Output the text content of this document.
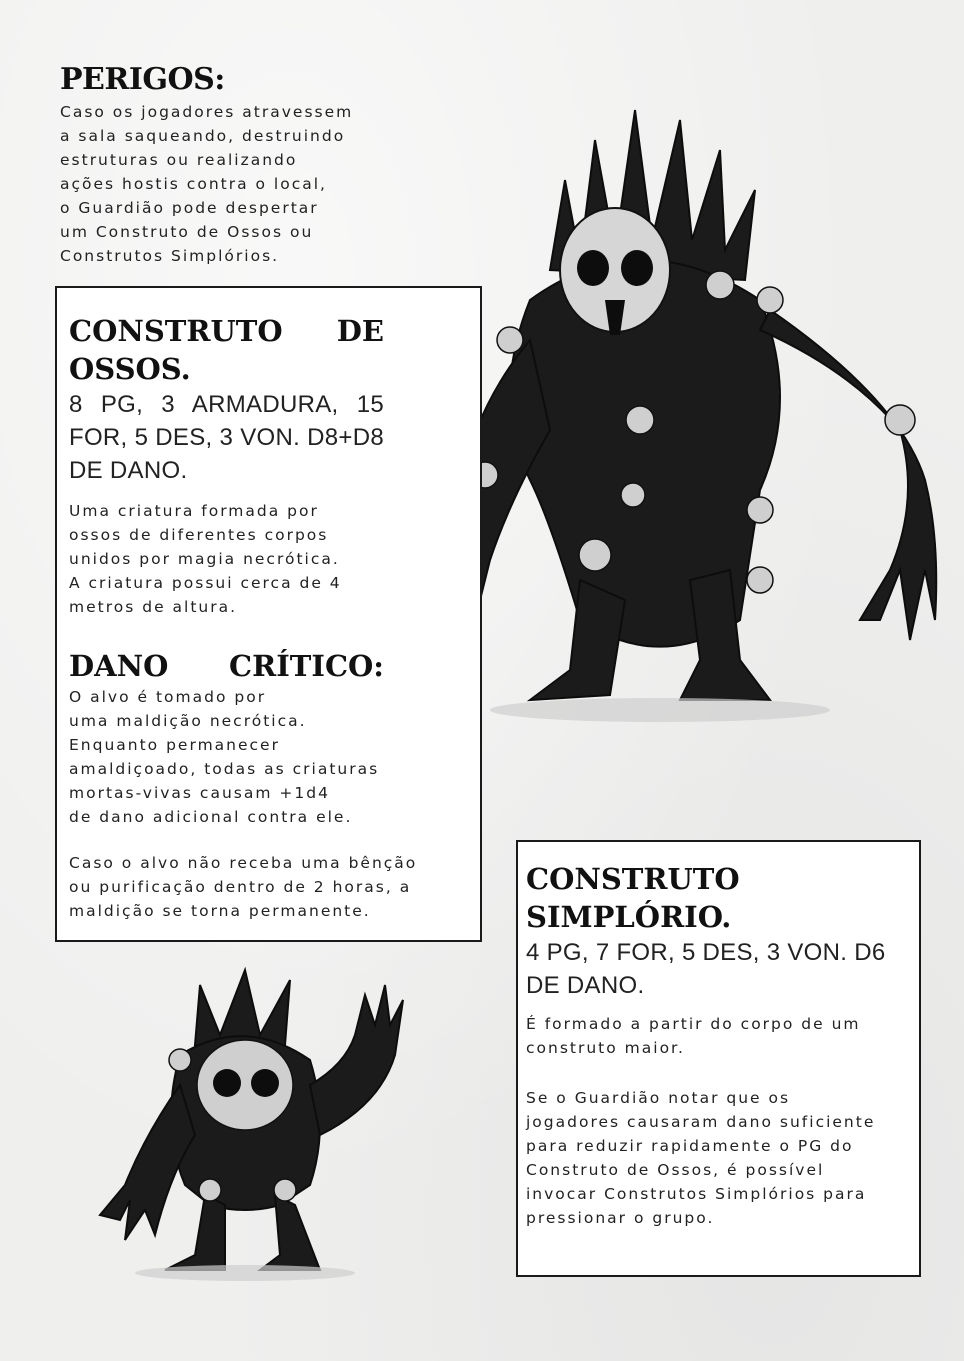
PERIGOS:

Caso os jogadores atravessem
a sala saqueando, destruindo
estruturas ou realizando
ações hostis contra o local,
o Guardião pode despertar
um Construto de Ossos ou
Construtos Simplórios.

CONSTRUTO DE
OSSOS.

8 PG, 3 ARMADURA, 15 FOR, 5 DES, 3 VON. D8+D8 DE DANO.

Uma criatura formada por
ossos de diferentes corpos
unidos por magia necrótica.
A criatura possui cerca de 4
metros de altura.

DANO CRÍTICO:

O alvo é tomado por
uma maldição necrótica.
Enquanto permanecer
amaldiçoado, todas as criaturas
mortas-vivas causam +1d4
de dano adicional contra ele.

Caso o alvo não receba uma bênção
ou purificação dentro de 2 horas, a
maldição se torna permanente.

CONSTRUTO
SIMPLÓRIO.

4 PG, 7 FOR, 5 DES, 3 VON. D6 DE DANO.

É formado a partir do corpo de um
construto maior.

Se o Guardião notar que os
jogadores causaram dano suficiente
para reduzir rapidamente o PG do
Construto de Ossos, é possível
invocar Construtos Simplórios para
pressionar o grupo.
